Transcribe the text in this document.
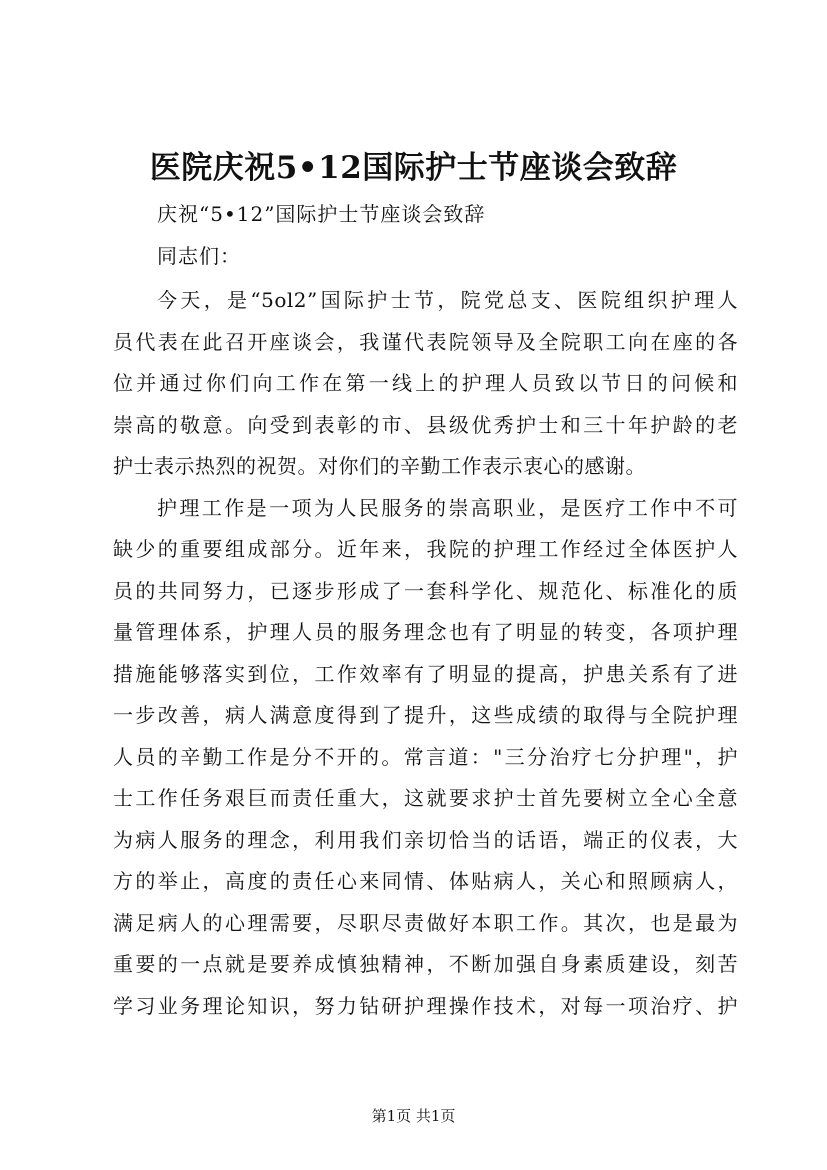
医院庆祝5•12国际护士节座谈会致辞
庆祝“5•12”国际护士节座谈会致辞
同志们：
今天，是“5ol2”国际护士节，院党总支、医院组织护理人
员代表在此召开座谈会，我谨代表院领导及全院职工向在座的各
位并通过你们向工作在第一线上的护理人员致以节日的问候和
崇高的敬意。向受到表彰的市、县级优秀护士和三十年护龄的老
护士表示热烈的祝贺。对你们的辛勤工作表示衷心的感谢。
护理工作是一项为人民服务的崇高职业，是医疗工作中不可
缺少的重要组成部分。近年来，我院的护理工作经过全体医护人
员的共同努力，已逐步形成了一套科学化、规范化、标准化的质
量管理体系，护理人员的服务理念也有了明显的转变，各项护理
措施能够落实到位，工作效率有了明显的提高，护患关系有了进
一步改善，病人满意度得到了提升，这些成绩的取得与全院护理
人员的辛勤工作是分不开的。常言道："三分治疗七分护理"，护
士工作任务艰巨而责任重大，这就要求护士首先要树立全心全意
为病人服务的理念，利用我们亲切恰当的话语，端正的仪表，大
方的举止，高度的责任心来同情、体贴病人，关心和照顾病人，
满足病人的心理需要，尽职尽责做好本职工作。其次，也是最为
重要的一点就是要养成慎独精神，不断加强自身素质建设，刻苦
学习业务理论知识，努力钻研护理操作技术，对每一项治疗、护
第1页 共1页
